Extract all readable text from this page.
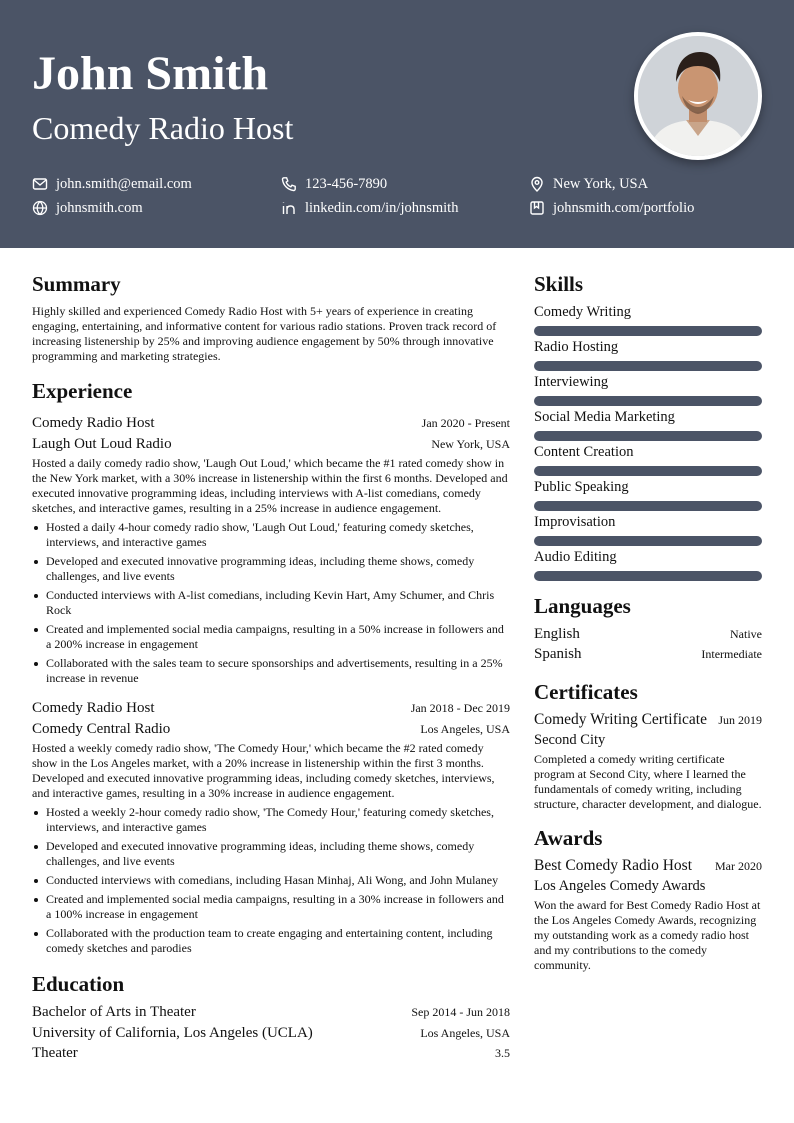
John Smith
Comedy Radio Host
john.smith@email.com	123-456-7890	New York, USA
johnsmith.com	linkedin.com/in/johnsmith	johnsmith.com/portfolio
Summary

Highly skilled and experienced Comedy Radio Host with 5+ years of experience in creating engaging, entertaining, and informative content for various radio stations. Proven track record of increasing listenership by 25% and improving audience engagement by 50% through innovative programming and marketing strategies.

Experience
Comedy Radio Host	Jan 2020 - Present
Laugh Out Loud Radio	New York, USA

Hosted a daily comedy radio show, 'Laugh Out Loud,' which became the #1 rated comedy show in the New York market, with a 30% increase in listenership within the first 6 months. Developed and executed innovative programming ideas, including interviews with A-list comedians, comedy sketches, and interactive games, resulting in a 25% increase in audience engagement.

Hosted a daily 4-hour comedy radio show, 'Laugh Out Loud,' featuring comedy sketches, interviews, and interactive games
Developed and executed innovative programming ideas, including theme shows, comedy challenges, and live events
Conducted interviews with A-list comedians, including Kevin Hart, Amy Schumer, and Chris Rock
Created and implemented social media campaigns, resulting in a 50% increase in followers and a 200% increase in engagement
Collaborated with the sales team to secure sponsorships and advertisements, resulting in a 25% increase in revenue
Comedy Radio Host	Jan 2018 - Dec 2019
Comedy Central Radio	Los Angeles, USA

Hosted a weekly comedy radio show, 'The Comedy Hour,' which became the #2 rated comedy show in the Los Angeles market, with a 20% increase in listenership within the first 3 months. Developed and executed innovative programming ideas, including comedy sketches, interviews, and interactive games, resulting in a 30% increase in audience engagement.

Hosted a weekly 2-hour comedy radio show, 'The Comedy Hour,' featuring comedy sketches, interviews, and interactive games
Developed and executed innovative programming ideas, including theme shows, comedy challenges, and live events
Conducted interviews with comedians, including Hasan Minhaj, Ali Wong, and John Mulaney
Created and implemented social media campaigns, resulting in a 30% increase in followers and a 100% increase in engagement
Collaborated with the production team to create engaging and entertaining content, including comedy sketches and parodies
Education
Bachelor of Arts in Theater	Sep 2014 - Jun 2018
University of California, Los Angeles (UCLA)	Los Angeles, USA
Theater	3.5
Skills
Comedy Writing
Radio Hosting
Interviewing
Social Media Marketing
Content Creation
Public Speaking
Improvisation
Audio Editing
Languages
English	Native
Spanish	Intermediate
Certificates
Comedy Writing Certificate Jun 2019
Second City

Completed a comedy writing certificate program at Second City, where I learned the fundamentals of comedy writing, including structure, character development, and dialogue.

Awards
Best Comedy Radio Host Mar 2020
Los Angeles Comedy Awards

Won the award for Best Comedy Radio Host at the Los Angeles Comedy Awards, recognizing my outstanding work as a comedy radio host and my contributions to the comedy community.
